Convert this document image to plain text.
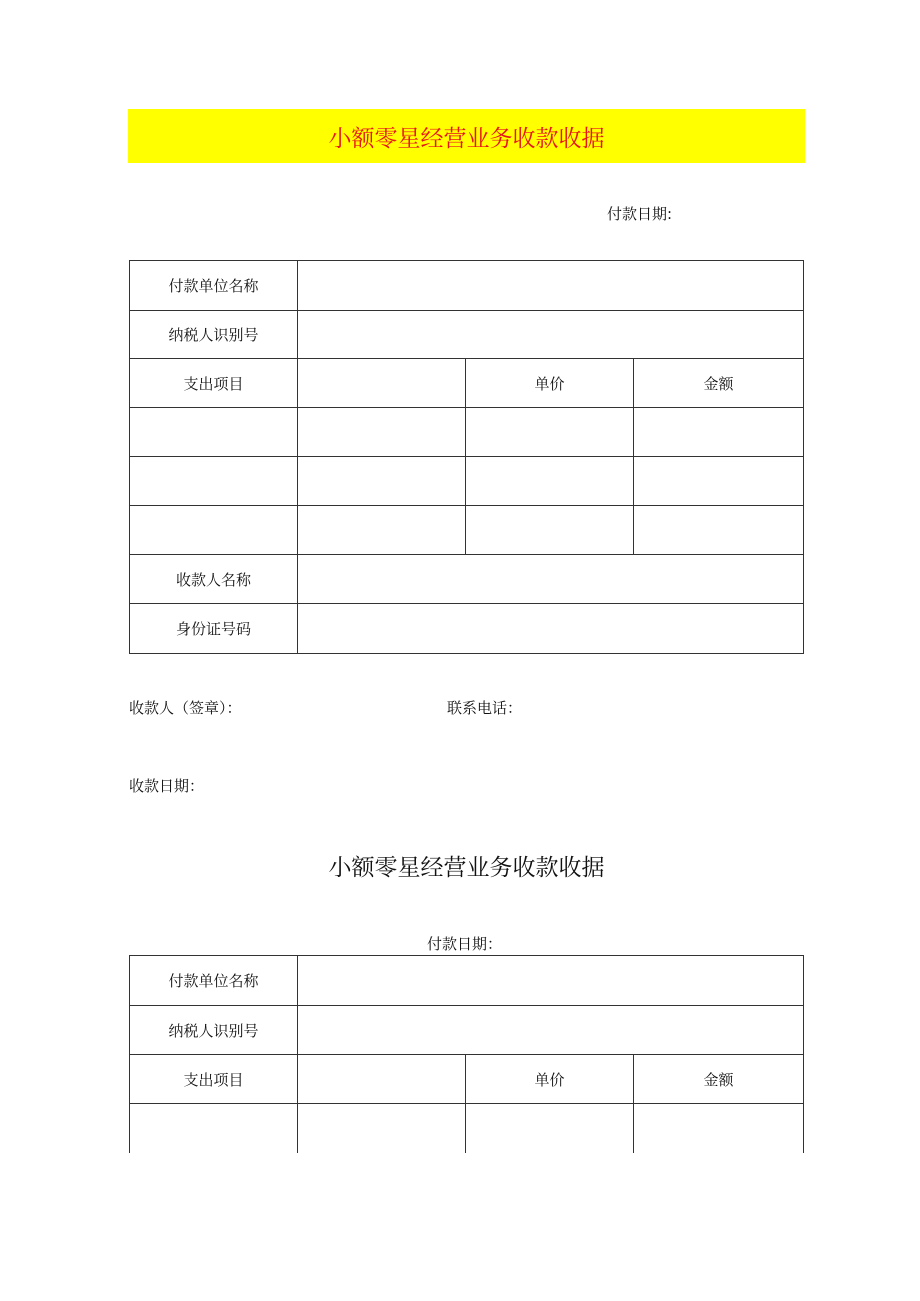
小额零星经营业务收款收据
付款日期:
付款单位名称			
纳税人识别号			
支出项目		单价	金额

收款人名称			
身份证号码			
收款人（签章）：	联系电话：
收款日期：
小额零星经营业务收款收据
付款日期：
付款单位名称			
纳税人识别号			
支出项目		单价	金额
